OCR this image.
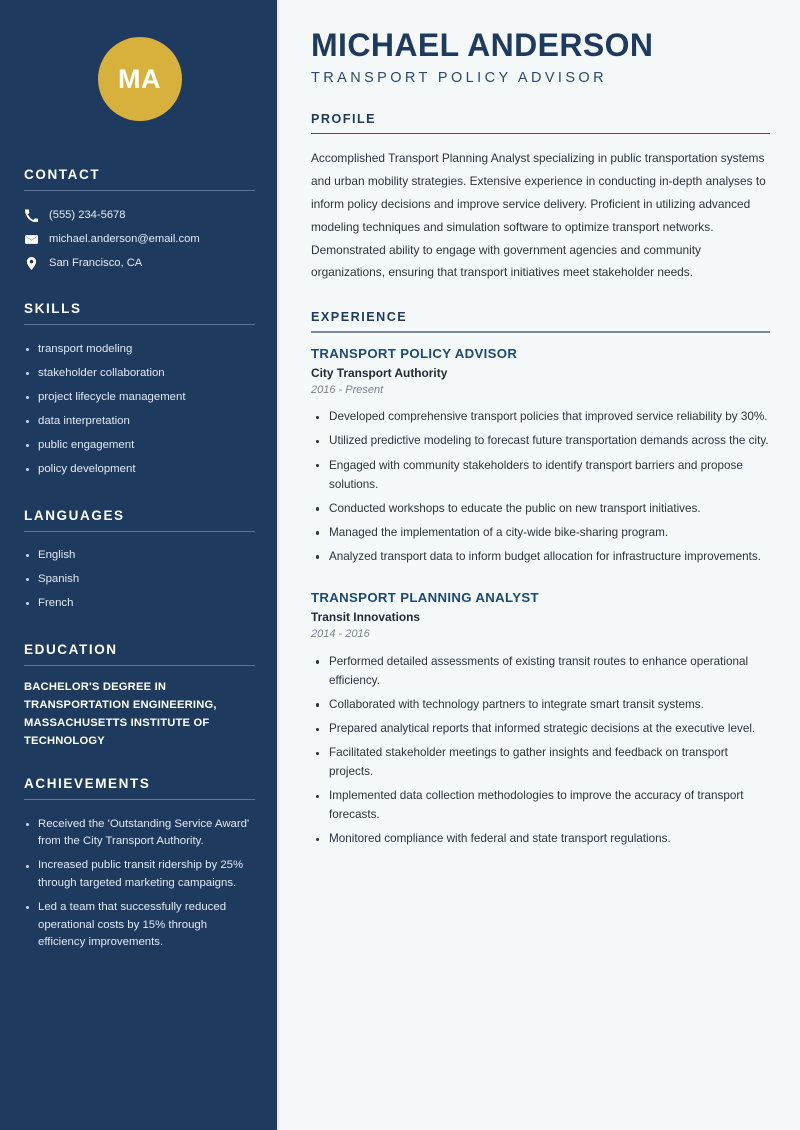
MA
CONTACT
(555) 234-5678
michael.anderson@email.com
San Francisco, CA
SKILLS
transport modeling
stakeholder collaboration
project lifecycle management
data interpretation
public engagement
policy development
LANGUAGES
English
Spanish
French
EDUCATION
BACHELOR'S DEGREE IN TRANSPORTATION ENGINEERING, MASSACHUSETTS INSTITUTE OF TECHNOLOGY
ACHIEVEMENTS
Received the 'Outstanding Service Award' from the City Transport Authority.
Increased public transit ridership by 25% through targeted marketing campaigns.
Led a team that successfully reduced operational costs by 15% through efficiency improvements.
MICHAEL ANDERSON
TRANSPORT POLICY ADVISOR
PROFILE

Accomplished Transport Planning Analyst specializing in public transportation systems and urban mobility strategies. Extensive experience in conducting in-depth analyses to inform policy decisions and improve service delivery. Proficient in utilizing advanced modeling techniques and simulation software to optimize transport networks. Demonstrated ability to engage with government agencies and community organizations, ensuring that transport initiatives meet stakeholder needs.

EXPERIENCE
TRANSPORT POLICY ADVISOR
City Transport Authority
2016 - Present
Developed comprehensive transport policies that improved service reliability by 30%.
Utilized predictive modeling to forecast future transportation demands across the city.
Engaged with community stakeholders to identify transport barriers and propose solutions.
Conducted workshops to educate the public on new transport initiatives.
Managed the implementation of a city-wide bike-sharing program.
Analyzed transport data to inform budget allocation for infrastructure improvements.
TRANSPORT PLANNING ANALYST
Transit Innovations
2014 - 2016
Performed detailed assessments of existing transit routes to enhance operational efficiency.
Collaborated with technology partners to integrate smart transit systems.
Prepared analytical reports that informed strategic decisions at the executive level.
Facilitated stakeholder meetings to gather insights and feedback on transport projects.
Implemented data collection methodologies to improve the accuracy of transport forecasts.
Monitored compliance with federal and state transport regulations.
